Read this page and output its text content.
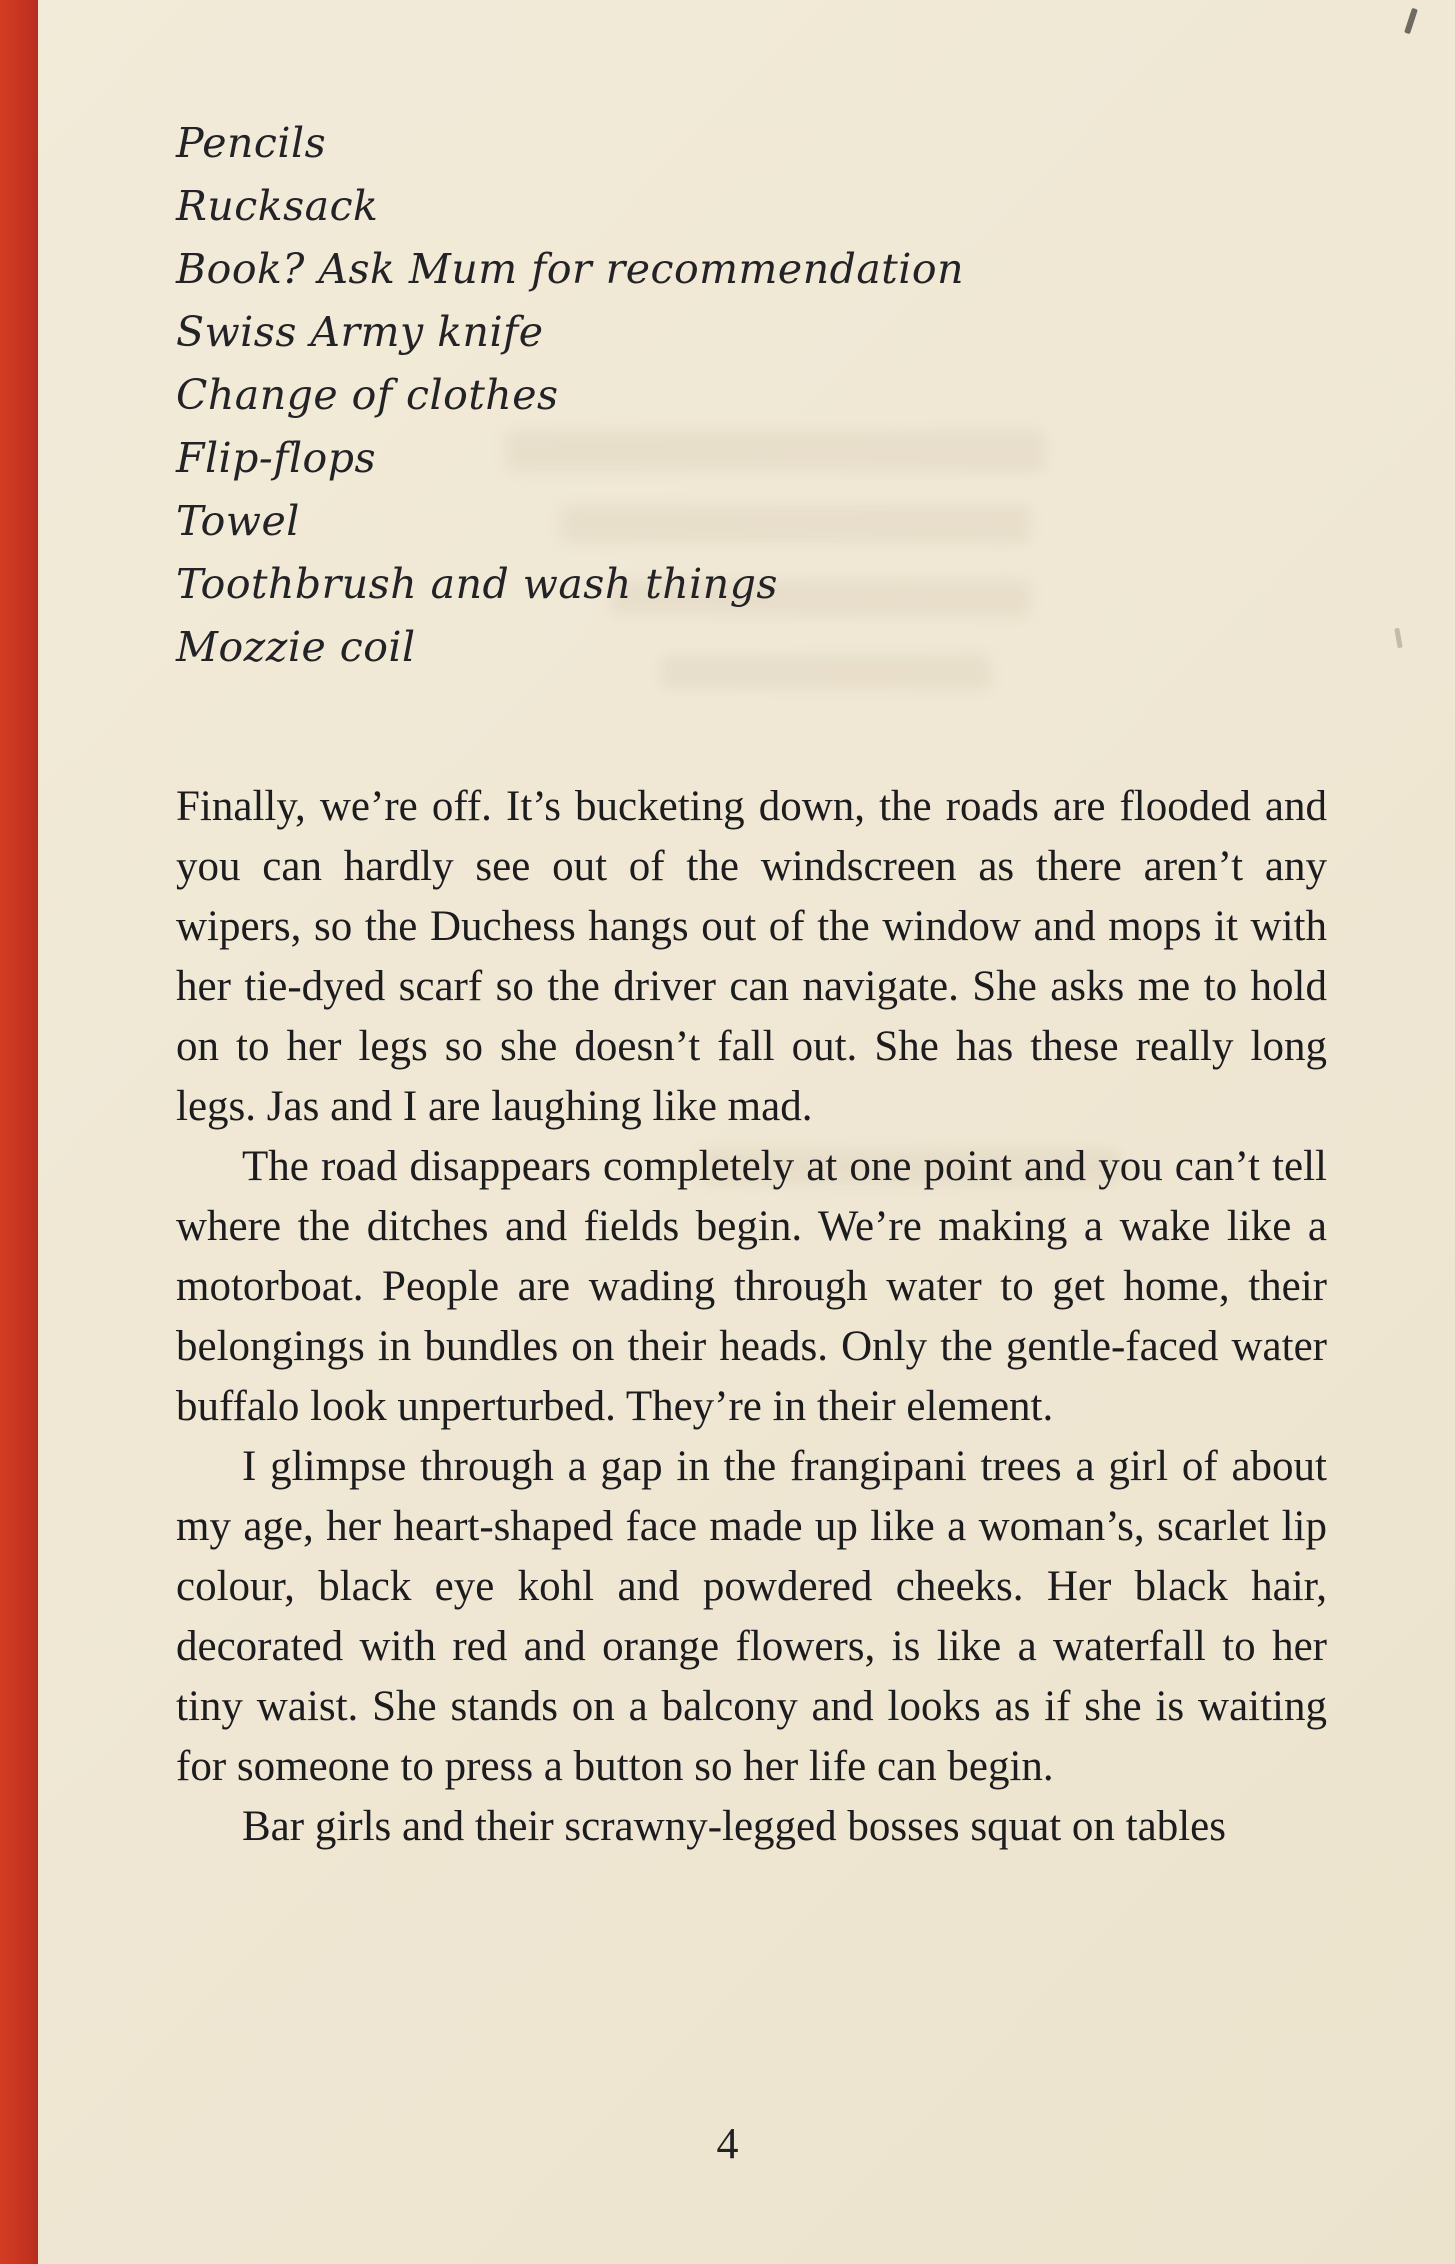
Pencils
Rucksack
Book? Ask Mum for recommendation
Swiss Army knife
Change of clothes
Flip-flops
Towel
Toothbrush and wash things
Mozzie coil

Finally, we’re off. It’s bucketing down, the roads are flooded and you can hardly see out of the windscreen as there aren’t any wipers, so the Duchess hangs out of the window and mops it with her tie-dyed scarf so the driver can navigate. She asks me to hold on to her legs so she doesn’t fall out. She has these really long legs. Jas and I are laughing like mad.

The road disappears completely at one point and you can’t tell where the ditches and fields begin. We’re making a wake like a motorboat. People are wading through water to get home, their belongings in bundles on their heads. Only the gentle-faced water buffalo look unperturbed. They’re in their element.

I glimpse through a gap in the frangipani trees a girl of about my age, her heart-shaped face made up like a woman’s, scarlet lip colour, black eye kohl and powdered cheeks. Her black hair, decorated with red and orange flowers, is like a waterfall to her tiny waist. She stands on a balcony and looks as if she is waiting for someone to press a button so her life can begin.

Bar girls and their scrawny-legged bosses squat on tables

4
